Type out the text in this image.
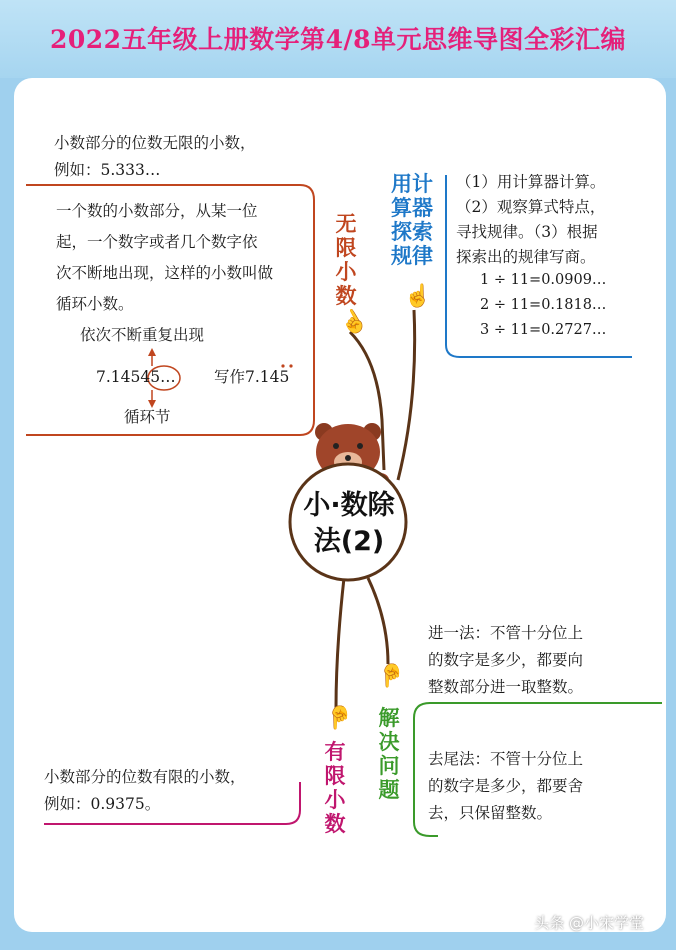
2022五年级上册数学第4/8单元思维导图全彩汇编
☝
☝
☝
☝
小·数除
法(2)
无
限
小
数
小数部分的位数无限的小数，
例如：5.333…
一个数的小数部分，从某一位
起，一个数字或者几个数字依
次不断地出现，这样的小数叫做
循环小数。
依次不断重复出现
7.14545… 写作7.145
循环节
用计
算器
探索
规律
（1）用计算器计算。
（2）观察算式特点，
寻找规律。（3）根据
探索出的规律写商。
1 ÷ 11=0.0909…
2 ÷ 11=0.1818…
3 ÷ 11=0.2727…
解
决
问
题
进一法：不管十分位上
的数字是多少，都要向
整数部分进一取整数。
去尾法：不管十分位上
的数字是多少，都要舍
去，只保留整数。
有
限
小
数
小数部分的位数有限的小数，
例如：0.9375。
头条 @小宋学堂
